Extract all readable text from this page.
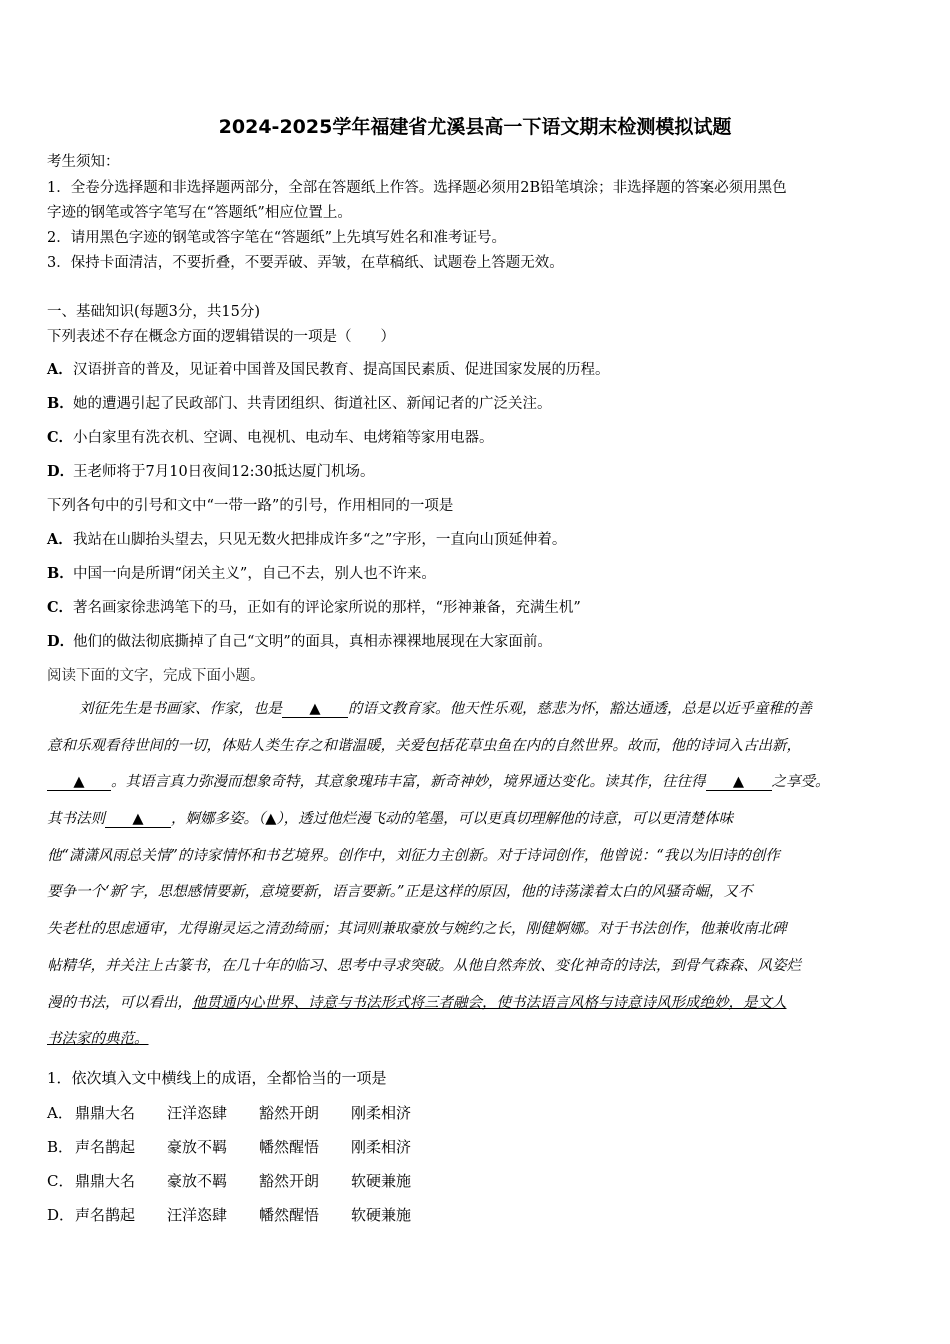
2024-2025学年福建省尤溪县高一下语文期末检测模拟试题
考生须知：
1．全卷分选择题和非选择题两部分，全部在答题纸上作答。选择题必须用2B铅笔填涂；非选择题的答案必须用黑色
字迹的钢笔或答字笔写在“答题纸”相应位置上。
2．请用黑色字迹的钢笔或答字笔在“答题纸”上先填写姓名和准考证号。
3．保持卡面清洁，不要折叠，不要弄破、弄皱，在草稿纸、试题卷上答题无效。
一、基础知识(每题3分，共15分)
下列表述不存在概念方面的逻辑错误的一项是（　　）
A．汉语拼音的普及，见证着中国普及国民教育、提高国民素质、促进国家发展的历程。
B．她的遭遇引起了民政部门、共青团组织、街道社区、新闻记者的广泛关注。
C．小白家里有洗衣机、空调、电视机、电动车、电烤箱等家用电器。
D．王老师将于7月10日夜间12:30抵达厦门机场。
下列各句中的引号和文中“一带一路”的引号，作用相同的一项是
A．我站在山脚抬头望去，只见无数火把排成许多“之”字形，一直向山顶延伸着。
B．中国一向是所谓“闭关主义”，自己不去，别人也不许来。
C．著名画家徐悲鸿笔下的马，正如有的评论家所说的那样，“形神兼备，充满生机”
D．他们的做法彻底撕掉了自己“文明”的面具，真相赤裸裸地展现在大家面前。
阅读下面的文字，完成下面小题。
刘征先生是书画家、作家，也是 ▲ 的语文教育家。他天性乐观，慈悲为怀，豁达通透，总是以近乎童稚的善
意和乐观看待世间的一切，体贴人类生存之和谐温暖，关爱包括花草虫鱼在内的自然世界。故而，他的诗词入古出新，
▲ 。其语言真力弥漫而想象奇特，其意象瑰玮丰富，新奇神妙，境界通达变化。读其作，往往得 ▲ 之享受。
其书法则 ▲ ，婀娜多姿。（▲），透过他烂漫飞动的笔墨，可以更真切理解他的诗意，可以更清楚体味
他“潇潇风雨总关情”的诗家情怀和书艺境界。创作中，刘征力主创新。对于诗词创作，他曾说：“我以为旧诗的创作
要争一个‘新’字，思想感情要新，意境要新，语言要新。”正是这样的原因，他的诗荡漾着太白的风骚奇崛，又不
失老杜的思虑通审，尤得谢灵运之清劲绮丽；其词则兼取豪放与婉约之长，刚健婀娜。对于书法创作，他兼收南北碑
帖精华，并关注上古篆书，在几十年的临习、思考中寻求突破。从他自然奔放、变化神奇的诗法，到骨气森森、风姿烂
漫的书法，可以看出，他贯通内心世界、诗意与书法形式将三者融会，使书法语言风格与诗意诗风形成绝妙，是文人
书法家的典范。
1．依次填入文中横线上的成语，全都恰当的一项是
A． 鼎鼎大名 汪洋恣肆 豁然开朗 刚柔相济
B． 声名鹊起 豪放不羁 幡然醒悟 刚柔相济
C． 鼎鼎大名 豪放不羁 豁然开朗 软硬兼施
D．声名鹊起 汪洋恣肆 幡然醒悟 软硬兼施
